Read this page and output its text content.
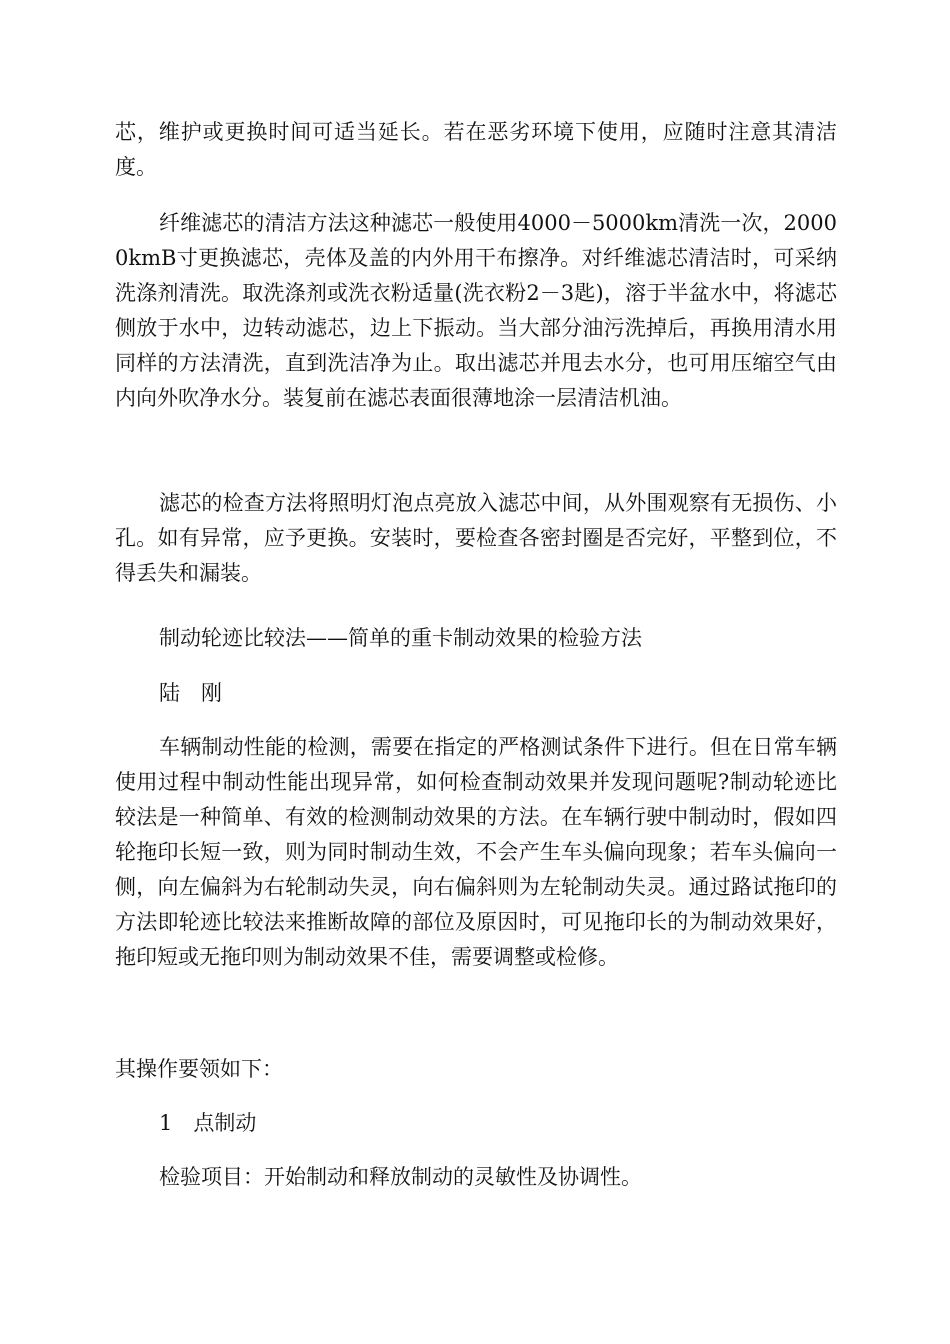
芯，维护或更换时间可适当延长。若在恶劣环境下使用，应随时注意其清洁度。

纤维滤芯的清洁方法这种滤芯一般使用4000－5000km清洗一次，20000kmB寸更换滤芯，壳体及盖的内外用干布擦净。对纤维滤芯清洁时，可采纳洗涤剂清洗。取洗涤剂或洗衣粉适量(洗衣粉2－3匙)，溶于半盆水中，将滤芯侧放于水中，边转动滤芯，边上下振动。当大部分油污洗掉后，再换用清水用同样的方法清洗，直到洗洁净为止。取出滤芯并甩去水分，也可用压缩空气由内向外吹净水分。装复前在滤芯表面很薄地涂一层清洁机油。

滤芯的检查方法将照明灯泡点亮放入滤芯中间，从外围观察有无损伤、小孔。如有异常，应予更换。安装时，要检查各密封圈是否完好，平整到位，不得丢失和漏装。

制动轮迹比较法——简单的重卡制动效果的检验方法

陆　刚

车辆制动性能的检测，需要在指定的严格测试条件下进行。但在日常车辆使用过程中制动性能出现异常，如何检查制动效果并发现问题呢?制动轮迹比较法是一种简单、有效的检测制动效果的方法。在车辆行驶中制动时，假如四轮拖印长短一致，则为同时制动生效，不会产生车头偏向现象；若车头偏向一侧，向左偏斜为右轮制动失灵，向右偏斜则为左轮制动失灵。通过路试拖印的方法即轮迹比较法来推断故障的部位及原因时，可见拖印长的为制动效果好，拖印短或无拖印则为制动效果不佳，需要调整或检修。

其操作要领如下：

1　点制动

检验项目：开始制动和释放制动的灵敏性及协调性。
